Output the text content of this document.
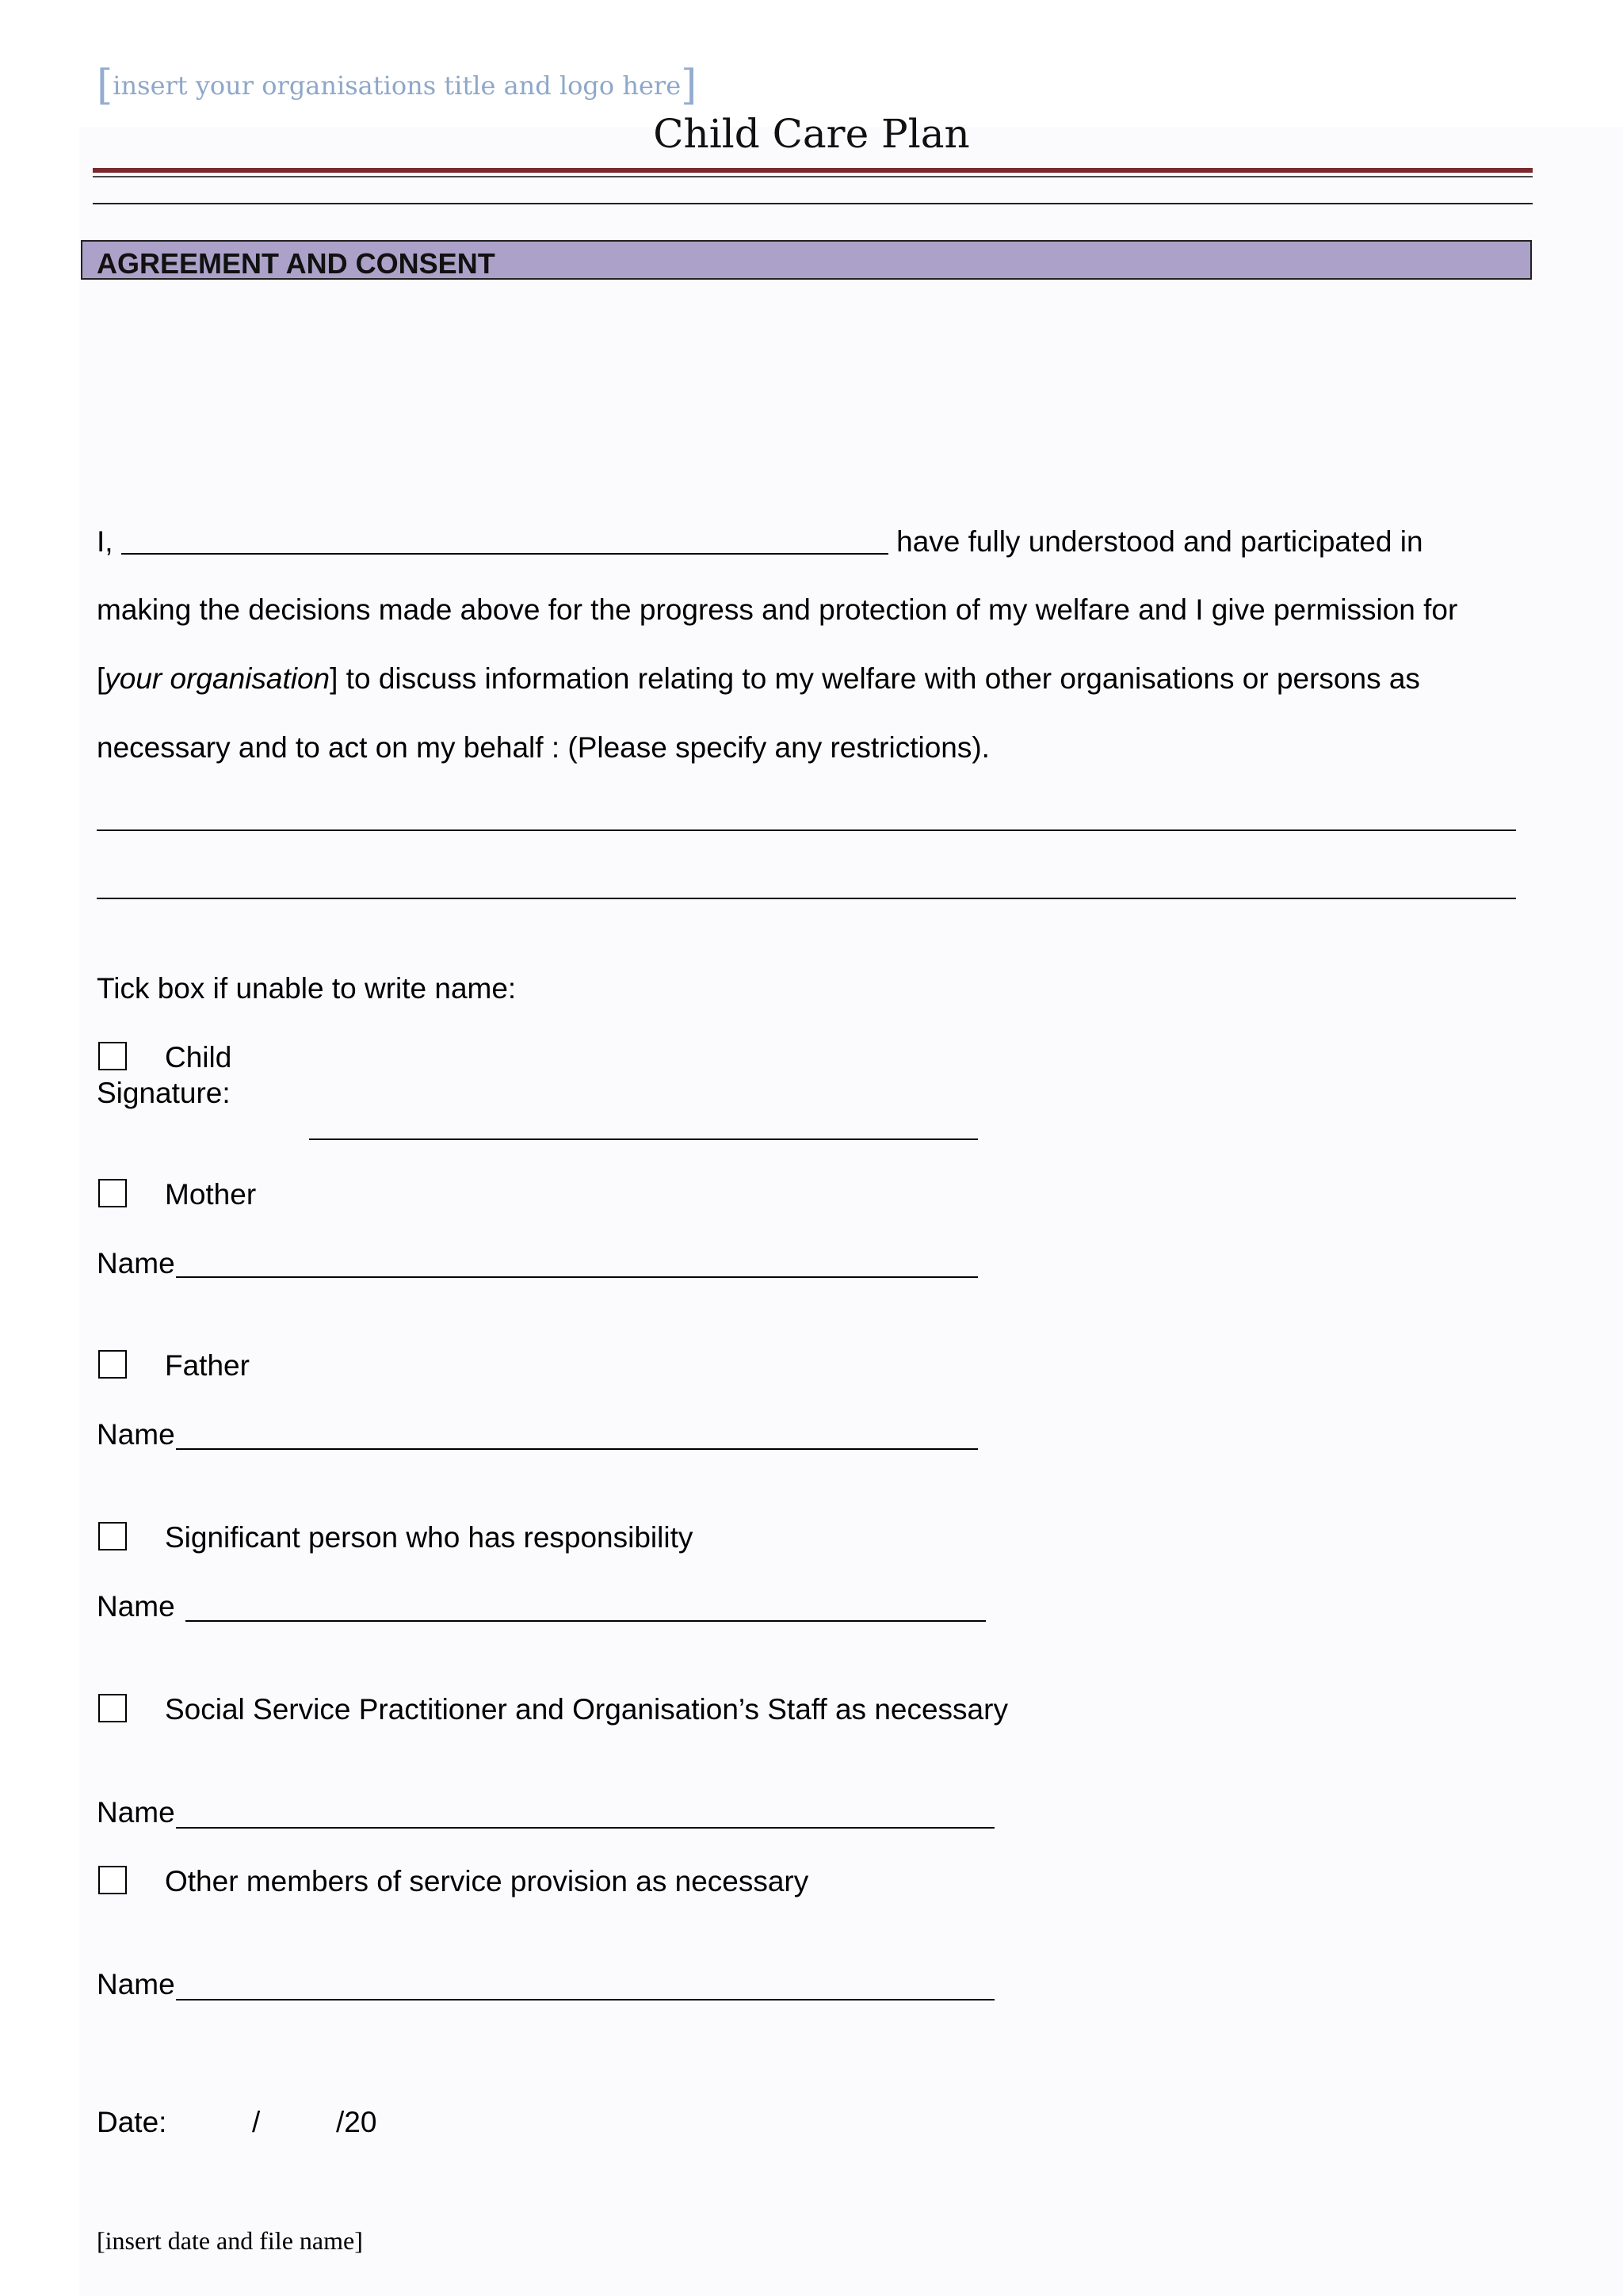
[insert your organisations title and logo here]
Child Care Plan
AGREEMENT AND CONSENT
I,	have fully understood and participated in
making the decisions made above for the progress and protection of my welfare and I give permission for
[your organisation] to discuss information relating to my welfare with other organisations or persons as
necessary and to act on my behalf : (Please specify any restrictions).
Tick box if unable to write name:
Child
Signature:
Mother
Name
Father
Name
Significant person who has responsibility
Name
Social Service Practitioner and Organisation’s Staff as necessary
Name
Other members of service provision as necessary
Name
Date:	/	/20
[insert date and file name]
